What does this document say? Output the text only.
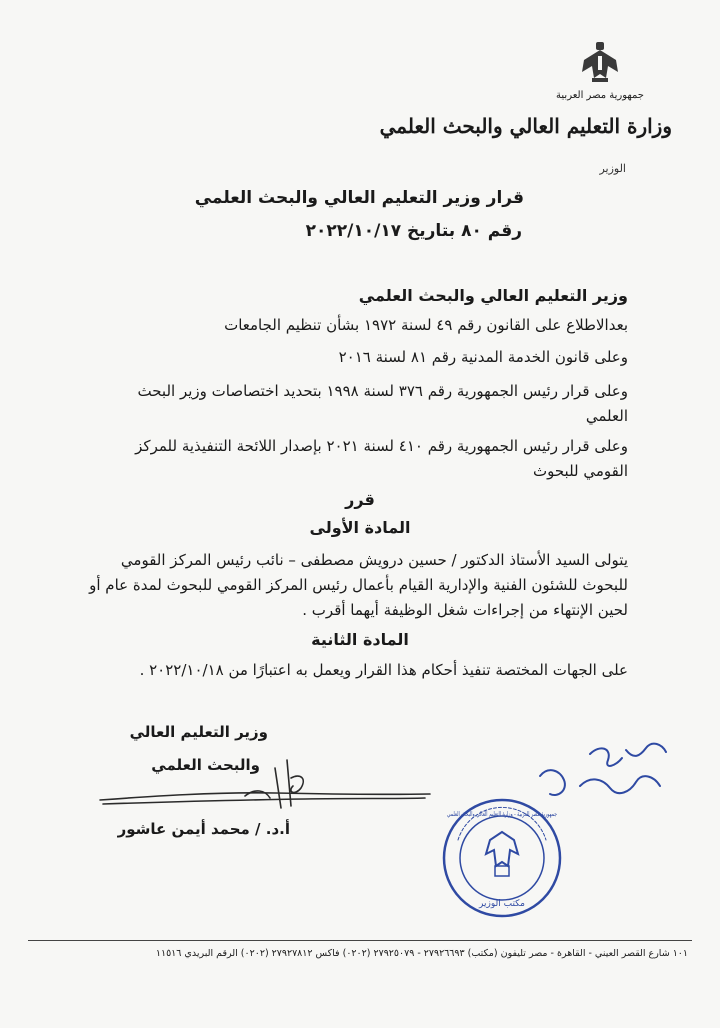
جمهورية مصر العربية
وزارة التعليم العالي والبحث العلمي
الوزير
قرار وزير التعليم العالي والبحث العلمي
رقم ٨٠ بتاريخ ٢٠٢٢/١٠/١٧
وزير التعليم العالي والبحث العلمي
بعدالاطلاع على القانون رقم ٤٩ لسنة ١٩٧٢ بشأن تنظيم الجامعات
وعلى قانون الخدمة المدنية رقم ٨١ لسنة ٢٠١٦
وعلى قرار رئيس الجمهورية رقم ٣٧٦ لسنة ١٩٩٨ بتحديد اختصاصات وزير البحث
العلمي
وعلى قرار رئيس الجمهورية رقم ٤١٠ لسنة ٢٠٢١ بإصدار اللائحة التنفيذية للمركز
القومي للبحوث
قرر
المادة الأولى
يتولى السيد الأستاذ الدكتور / حسين درويش مصطفى – نائب رئيس المركز القومي
للبحوث للشئون الفنية والإدارية القيام بأعمال رئيس المركز القومي للبحوث لمدة عام أو
لحين الإنتهاء من إجراءات شغل الوظيفة أيهما أقرب .
المادة الثانية
على الجهات المختصة تنفيذ أحكام هذا القرار ويعمل به اعتبارًا من ٢٠٢٢/١٠/١٨ .
وزير التعليم العالي
والبحث العلمي
أ.د. / محمد أيمن عاشور
مكتب الوزير
جمهورية مصر العربية - وزارة التعليم العالي والبحث العلمي
١٠١ شارع القصر العيني - القاهرة - مصر تليفون (مكتب) ٢٧٩٢٦٦٩٣ - ٢٧٩٢٥٠٧٩ (٠٢٠٢) فاكس ٢٧٩٢٧٨١٢ (٠٢٠٢) الرقم البريدي ١١٥١٦
